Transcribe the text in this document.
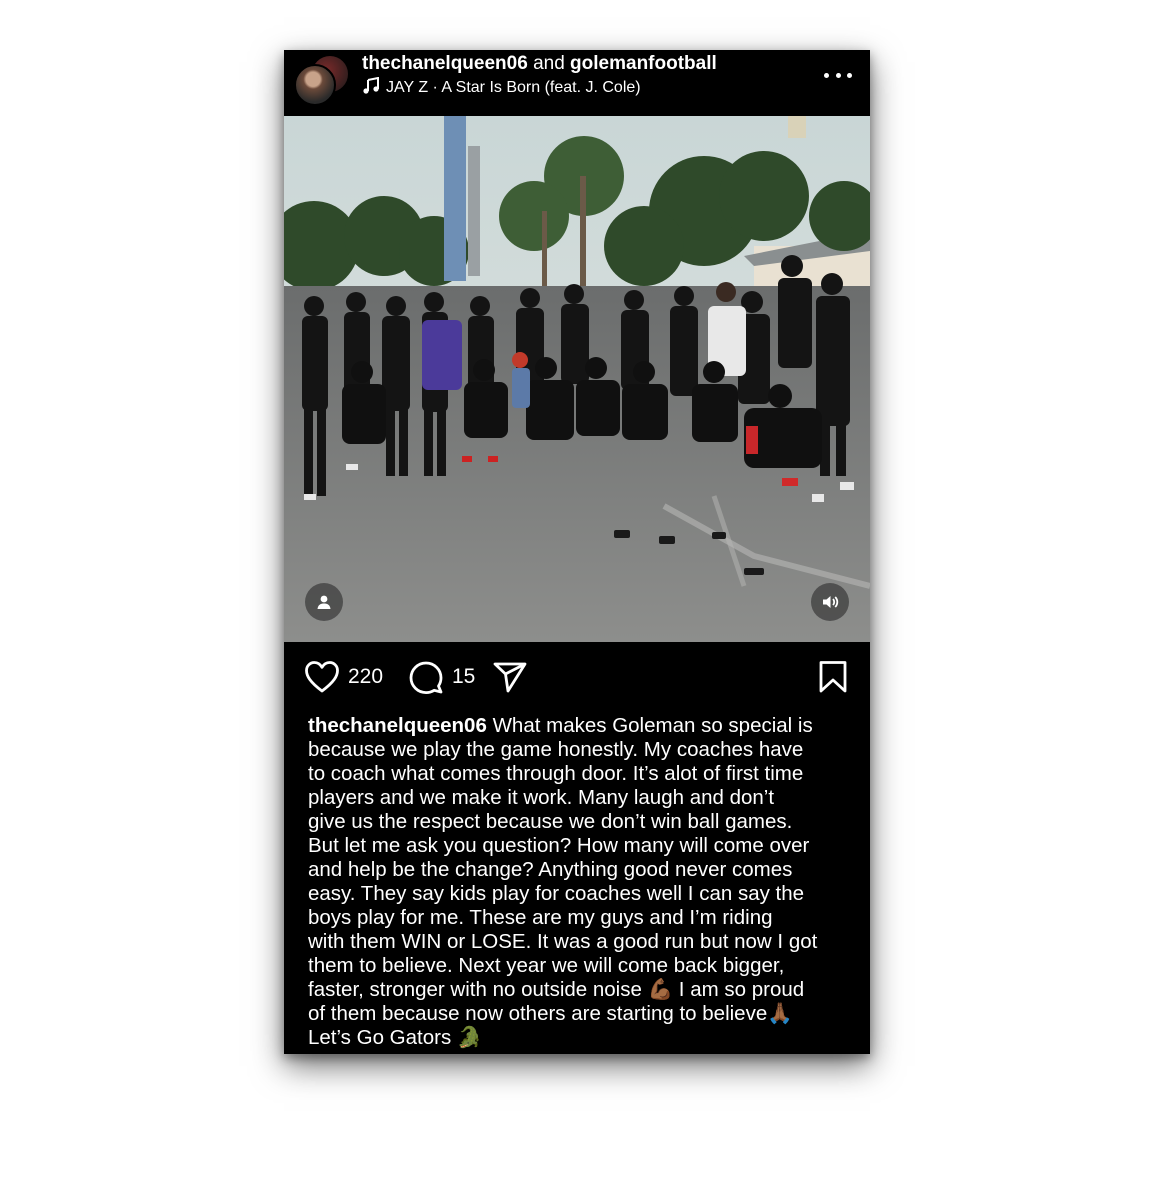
thechanelqueen06 and golemanfootball
JAY Z · A Star Is Born (feat. J. Cole)
220	15
thechanelqueen06 What makes Goleman so special is
because we play the game honestly. My coaches have
to coach what comes through door. It’s alot of first time
players and we make it work. Many laugh and don’t
give us the respect because we don’t win ball games.
But let me ask you question? How many will come over
and help be the change? Anything good never comes
easy. They say kids play for coaches well I can say the
boys play for me. These are my guys and I’m riding
with them WIN or LOSE. It was a good run but now I got
them to believe. Next year we will come back bigger,
faster, stronger with no outside noise 💪🏾 I am so proud
of them because now others are starting to believe🙏🏾
Let’s Go Gators 🐊
